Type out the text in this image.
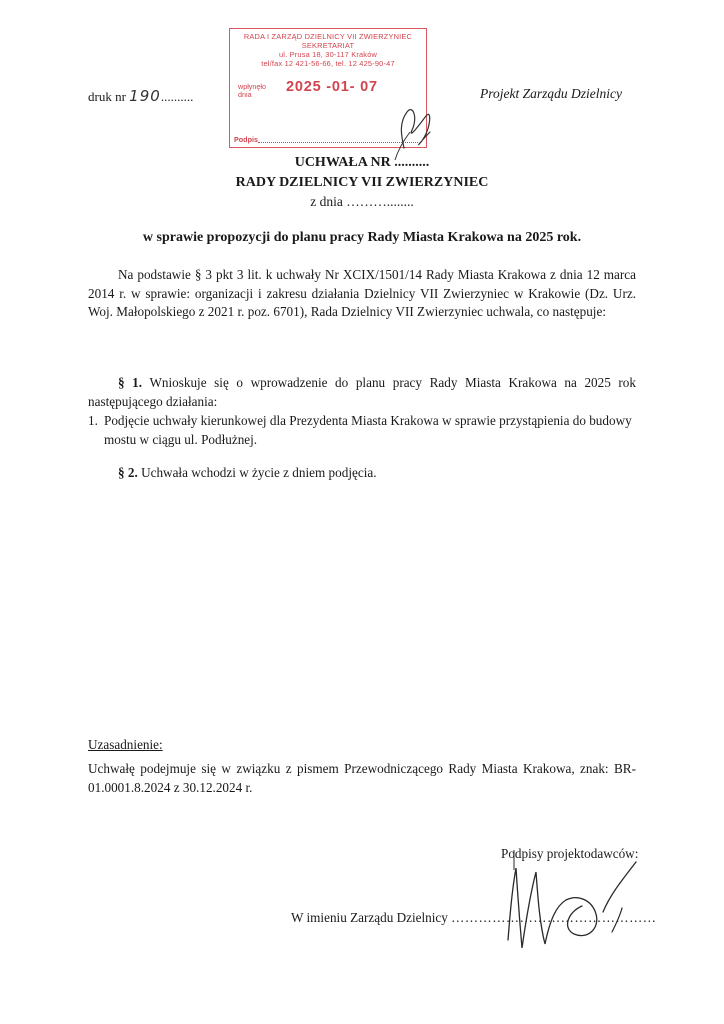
RADA I ZARZĄD DZIELNICY VII ZWIERZYNIEC
SEKRETARIAT
ul. Prusa 18, 30-117 Kraków
tel/fax 12 421-56-66, tel. 12 425-90-47
wpłynęło
dnia	2025 -01- 07
Podpis
druk nr 190..........	Projekt Zarządu Dzielnicy
UCHWAŁA NR ..........
RADY DZIELNICY VII ZWIERZYNIEC
z dnia ………........
w sprawie propozycji do planu pracy Rady Miasta Krakowa na 2025 rok.
Na podstawie § 3 pkt 3 lit. k uchwały Nr XCIX/1501/14 Rady Miasta Krakowa z dnia 12 marca 2014 r. w sprawie: organizacji i zakresu działania Dzielnicy VII Zwierzyniec w Krakowie (Dz. Urz. Woj. Małopolskiego z 2021 r. poz. 6701), Rada Dzielnicy VII Zwierzyniec uchwala, co następuje:
§ 1. Wnioskuje się o wprowadzenie do planu pracy Rady Miasta Krakowa na 2025 rok następującego działania:
1. Podjęcie uchwały kierunkowej dla Prezydenta Miasta Krakowa w sprawie przystąpienia do budowy mostu w ciągu ul. Podłużnej.
§ 2. Uchwała wchodzi w życie z dniem podjęcia.
Uzasadnienie:
Uchwałę podejmuje się w związku z pismem Przewodniczącego Rady Miasta Krakowa, znak: BR-01.0001.8.2024 z 30.12.2024 r.
Podpisy projektodawców:
W imieniu Zarządu Dzielnicy ………………………………………
